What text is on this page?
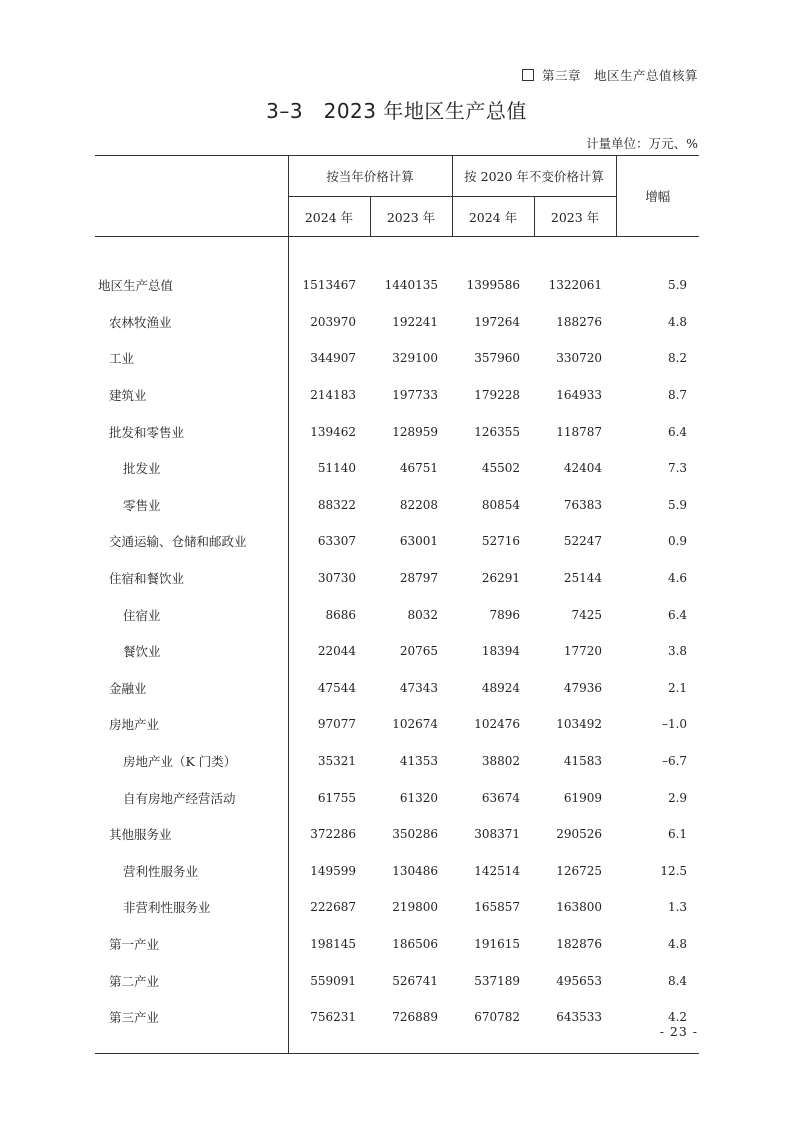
第三章　地区生产总值核算
3–3　2023 年地区生产总值
计量单位：万元、%
	按当年价格计算		按 2020 年不变价格计算		增幅
	2024 年	2023 年	2024 年	2023 年	
地区生产总值	1513467	1440135	1399586	1322061	5.9
农林牧渔业	203970	192241	197264	188276	4.8
工业	344907	329100	357960	330720	8.2
建筑业	214183	197733	179228	164933	8.7
批发和零售业	139462	128959	126355	118787	6.4
批发业	51140	46751	45502	42404	7.3
零售业	88322	82208	80854	76383	5.9
交通运输、仓储和邮政业	63307	63001	52716	52247	0.9
住宿和餐饮业	30730	28797	26291	25144	4.6
住宿业	8686	8032	7896	7425	6.4
餐饮业	22044	20765	18394	17720	3.8
金融业	47544	47343	48924	47936	2.1
房地产业	97077	102674	102476	103492	–1.0
房地产业（K 门类）	35321	41353	38802	41583	–6.7
自有房地产经营活动	61755	61320	63674	61909	2.9
其他服务业	372286	350286	308371	290526	6.1
营利性服务业	149599	130486	142514	126725	12.5
非营利性服务业	222687	219800	165857	163800	1.3
第一产业	198145	186506	191615	182876	4.8
第二产业	559091	526741	537189	495653	8.4
第三产业	756231	726889	670782	643533	4.2
- 23 -
